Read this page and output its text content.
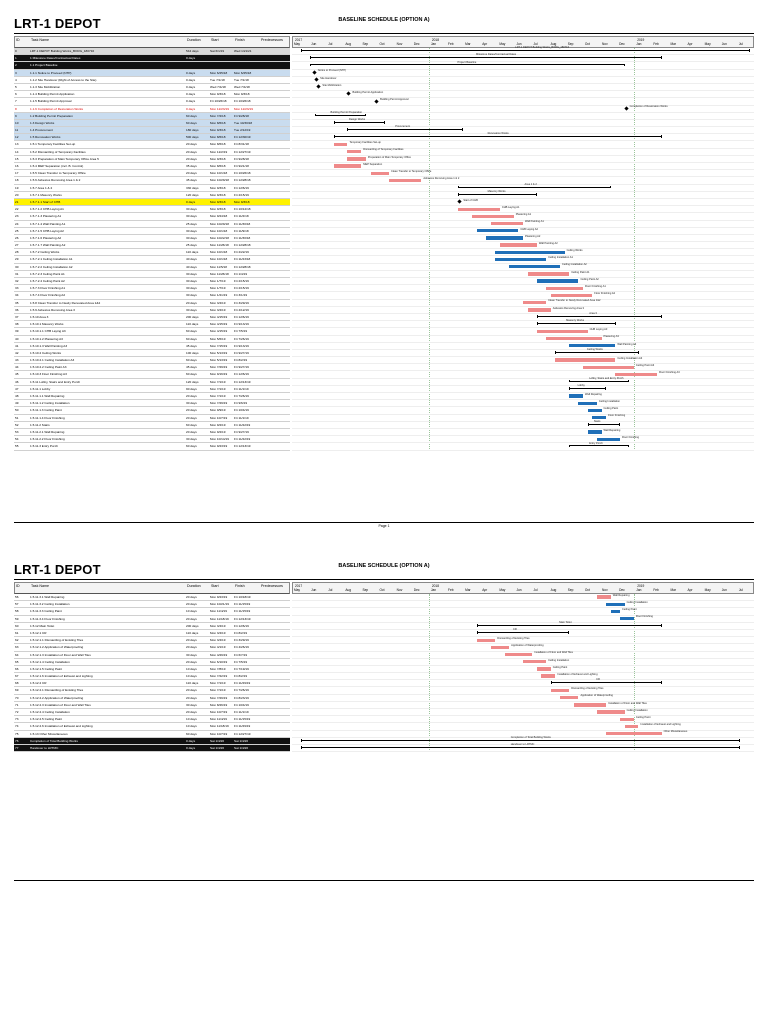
LRT-1 DEPOT	BASELINE SCHEDULE (OPTION A)
ID	Task Name	Duration	Start	Finish	Predecessors
0	LRT-1 DEPOT Building Works_BORG_180716	544 days	Sat 6/1/19	Wed 1/21/21
1	1 Milestone Dates/Contractual Dates	0 days
2	1.1 Project Baseline
3	1.1.1 Notice to Proceed (NTP)	0 days	Mon 6/25/18 Mon 6/25/18
4	1.1.2 Site Handover (Right of Access to the Site)	0 days	Tue 7/1/18	Tue 7/1/18
5	1.1.3 Site Mobilization	0 days	Wed 7/4/18	Wed 7/4/18
6	1.1.4 Building Permit Application	0 days	Mon 9/3/18	Mon 9/3/18
7	1.1.5 Building Permit Approval	0 days	Fri 10/26/18 Fri 10/26/18
8	1.1.6 Completion of Restoration Works	0 days	Mon 12/23/19 Mon 12/23/19
9	1.2 Building Permit Preparation	60 days	Mon 7/2/18	Fri 9/28/18
10	1.3 Design Works	60 days	Mon 8/6/18	Tue 10/30/18
11	1.4 Procurement	180 days	Mon 9/3/18	Tue 2/12/19
12	1.5 Renovation Works	500 days	Mon 8/6/18	Fri 12/30/19
13	1.5.1 Temporary Facilities Set-up	20 days	Mon 8/6/18	Fri 8/31/18
14	1.5.2 Dismantling of Temporary Facilities	20 days	Mon 12/2/19 Fri 12/27/19
15	1.5.3 Preparation of Main Temporary Office Area 5	20 days	Mon 9/3/18	Fri 9/28/18
16	1.5.4 MEP Separation (incl. B. Control)	35 days	Mon 8/6/18	Fri 9/21/18
17	1.5.5 Clean Transfer to Temporary Office	20 days	Mon 10/1/18 Fri 10/26/18
18	1.5.6 Asbestos Removing Area 1 & 2	45 days	Mon 10/29/18 Fri 12/28/18
19	1.5.7 Area 1 & 2	330 days	Mon 9/3/18	Fri 12/6/19
20	1.5.7.1 Masonry Works	120 days	Mon 9/3/18	Fri 2/15/19
21	1.5.7.1.1 Start of CHB	0 days	Mon 9/3/18	Mon 9/3/18
22	1.5.7.1.2 CHB Laying A1	30 days	Mon 9/3/18	Fri 10/12/18
23	1.5.7.1.3 Plastering A1	30 days	Mon 9/24/18 Fri 11/2/18
24	1.5.7.1.4 Wall Painting A1	25 days	Mon 10/29/18 Fri 11/30/18
25	1.5.7.1.5 CHB Laying A2	30 days	Mon 10/1/18 Fri 11/9/18
26	1.5.7.1.6 Plastering A2	30 days	Mon 10/22/18 Fri 11/30/18
27	1.5.7.1.7 Wall Painting A2	25 days	Mon 11/26/18 Fri 12/28/18
28	1.5.7.2 Ceiling Works	110 days	Mon 10/1/18 Fri 2/22/19
29	1.5.7.2.1 Ceiling Installation A1	40 days	Mon 10/1/18 Fri 11/23/18
30	1.5.7.2.2 Ceiling Installation A2	40 days	Mon 11/5/18 Fri 12/28/18
31	1.5.7.2.3 Ceiling Paint A1	30 days	Mon 11/26/18 Fri 1/4/19
32	1.5.7.2.4 Ceiling Paint A2	30 days	Mon 1/7/19	Fri 2/15/19
33	1.5.7.3 Floor Finishing A1	30 days	Mon 1/7/19	Fri 2/15/19
34	1.5.7.4 Floor Finishing A2	30 days	Mon 1/21/19 Fri 3/1/19
35	1.5.8 Clean Transfer to Newly Renovated Area 1&2	20 days	Mon 3/4/19	Fri 3/29/19
36	1.5.9 Asbestos Removing Area 3	30 days	Mon 3/4/19	Fri 4/12/19
37	1.5.10 Area 3	200 days	Mon 4/15/19 Fri 12/6/19
38	1.5.10.1 Masonry Works	110 days	Mon 4/15/19 Fri 9/13/19
39	1.5.10.1.1 CHB Laying A3	60 days	Mon 4/15/19 Fri 7/5/19
40	1.5.10.1.2 Plastering A3	60 days	Mon 5/6/19	Fri 7/26/19
41	1.5.10.1.3 Wall Painting A3	45 days	Mon 7/15/19 Fri 9/13/19
42	1.5.10.2 Ceiling Works	100 days	Mon 5/13/19 Fri 9/27/19
43	1.5.10.2.1 Ceiling Installation A3	60 days	Mon 5/13/19 Fri 8/2/19
44	1.5.10.2.2 Ceiling Paint A3	45 days	Mon 7/29/19 Fri 9/27/19
45	1.5.10.3 Floor Finishing A3	60 days	Mon 9/16/19 Fri 12/6/19
46	1.5.11 Lobby, Stairs and Entry Porch	120 days	Mon 7/1/19	Fri 12/13/19
47	1.5.11.1 Lobby	90 days	Mon 7/1/19	Fri 11/1/19
48	1.5.11.1.1 Wall Repairing	20 days	Mon 7/1/19	Fri 7/26/19
49	1.5.11.1.2 Ceiling Installation	30 days	Mon 7/29/19 Fri 9/6/19
50	1.5.11.1.3 Ceiling Paint	20 days	Mon 9/9/19	Fri 10/4/19
51	1.5.11.1.4 Floor Finishing	20 days	Mon 10/7/19 Fri 11/1/19
52	1.5.11.2 Stairs	60 days	Mon 9/2/19	Fri 11/22/19
53	1.5.11.2.1 Wall Repairing	20 days	Mon 9/2/19	Fri 9/27/19
54	1.5.11.2.2 Floor Finishing	30 days	Mon 10/14/19 Fri 11/22/19
55	1.5.11.3 Entry Porch	60 days	Mon 9/23/19 Fri 12/13/19
May	Jun	Jul	Aug	Sep	Oct	Nov	Dec	Jan	Feb	Mar	Apr	May	Jun	Jul	Aug	Sep	Oct	Nov	Dec	Jan	Feb	Mar	Apr	May	Jun	Jul
2017	2018	2019
LRT-1 DEPOT Building Works_BORG_180716
Milestone Dates/Contractual Dates
Project Baseline
Notice to Proceed (NTP)
Site Handover
Site Mobilization
Building Permit Application
Building Permit Approval
Completion of Restoration Works
Building Permit Preparation
Design Works
Procurement
Renovation Works
Temporary Facilities Set-up
Dismantling of Temporary Facilities
Preparation of Main Temporary Office
MEP Separation
Clean Transfer to Temporary Office
Asbestos Removing Area 1 & 2
Area 1 & 2
Masonry Works
Start of CHB
CHB Laying A1
Plastering A1
Wall Painting A1
CHB Laying A2
Plastering A2
Wall Painting A2
Ceiling Works
Ceiling Installation A1
Ceiling Installation A2
Ceiling Paint A1
Ceiling Paint A2
Floor Finishing A1
Floor Finishing A2
Clean Transfer to Newly Renovated Area 1&2
Asbestos Removing Area 3
Area 3
Masonry Works
CHB Laying A3
Plastering A3
Wall Painting A3
Ceiling Works
Ceiling Installation A3
Ceiling Paint A3
Floor Finishing A3
Lobby, Stairs and Entry Porch
Lobby
Wall Repairing
Ceiling Installation
Ceiling Paint
Floor Finishing
Stairs
Wall Repairing
Floor Finishing
Entry Porch
Page 1
LRT-1 DEPOT	BASELINE SCHEDULE (OPTION A)
ID	Task Name	Duration	Start	Finish	Predecessors
56	1.5.11.3.1 Wall Repairing	20 days	Mon 9/23/19 Fri 10/18/19
57	1.5.11.3.2 Ceiling Installation	20 days	Mon 10/21/19 Fri 11/15/19
58	1.5.11.3.3 Ceiling Paint	10 days	Mon 11/4/19 Fri 11/15/19
59	1.5.11.3.4 Floor Finishing	20 days	Mon 11/18/19 Fri 12/13/19
60	1.5.12 Main Toilet	200 days	Mon 3/4/19	Fri 12/6/19
61	1.5.12.1 CR	110 days	Mon 3/4/19	Fri 8/2/19
62	1.5.12.1.1 Dismantling of Existing Tiles	20 days	Mon 3/4/19	Fri 3/29/19
63	1.5.12.1.2 Application of Waterproofing	20 days	Mon 4/1/19	Fri 4/26/19
64	1.5.12.1.3 Installation of Floor and Wall Tiles	30 days	Mon 4/29/19 Fri 6/7/19
65	1.5.12.1.4 Ceiling Installation	20 days	Mon 6/10/19 Fri 7/5/19
66	1.5.12.1.5 Ceiling Paint	10 days	Mon 7/8/19	Fri 7/19/19
67	1.5.12.1.6 Installation of Exhaust and Lighting	10 days	Mon 7/22/19 Fri 8/2/19
68	1.5.12.2 CR	110 days	Mon 7/1/19	Fri 11/29/19
69	1.5.12.2.1 Dismantling of Existing Tiles	20 days	Mon 7/1/19	Fri 7/26/19
70	1.5.12.2.2 Application of Waterproofing	20 days	Mon 7/29/19 Fri 8/23/19
71	1.5.12.2.3 Installation of Floor and Wall Tiles	30 days	Mon 8/26/19 Fri 10/4/19
72	1.5.12.2.4 Ceiling Installation	20 days	Mon 10/7/19 Fri 11/1/19
73	1.5.12.2.5 Ceiling Paint	10 days	Mon 11/4/19 Fri 11/15/19
74	1.5.12.2.6 Installation of Exhaust and Lighting	10 days	Mon 11/18/19 Fri 11/29/19
75	1.5.13 Other Miscellaneous	60 days	Mon 10/7/19 Fri 12/27/19
76	Completion of Total Building Works	0 days	Sat 1/4/20	Sat 1/4/20
77	Handover to LRTMC	0 days	Sat 1/4/20	Sat 1/4/20
May	Jun	Jul	Aug	Sep	Oct	Nov	Dec	Jan	Feb	Mar	Apr	May	Jun	Jul	Aug	Sep	Oct	Nov	Dec	Jan	Feb	Mar	Apr	May	Jun	Jul
2017	2018	2019
Wall Repairing
Ceiling Installation
Ceiling Paint
Floor Finishing
Main Toilet
CR
Dismantling of Existing Tiles
Application of Waterproofing
Installation of Floor and Wall Tiles
Ceiling Installation
Ceiling Paint
Installation of Exhaust and Lighting
CR
Dismantling of Existing Tiles
Application of Waterproofing
Installation of Floor and Wall Tiles
Ceiling Installation
Ceiling Paint
Installation of Exhaust and Lighting
Other Miscellaneous
Completion of Total Building Works
Handover to LRTMC
